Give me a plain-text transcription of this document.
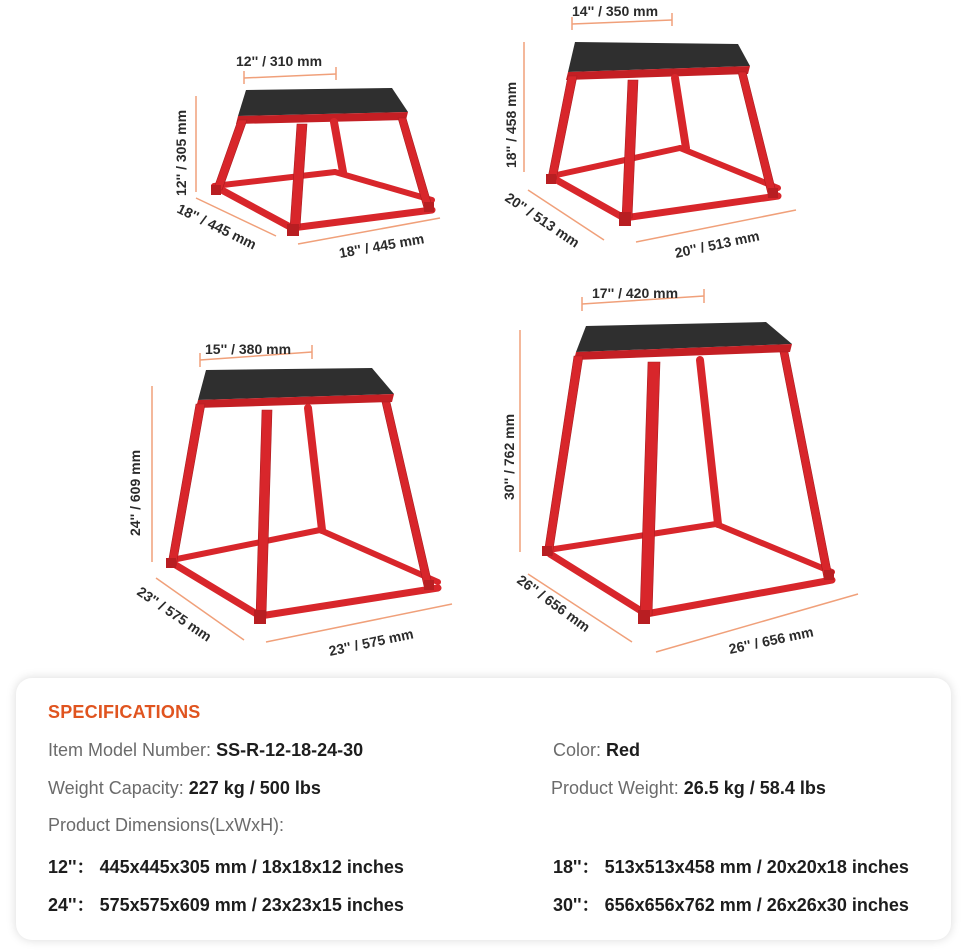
12'' / 310 mm
12'' / 305 mm
18'' / 445 mm	18'' / 445 mm
14'' / 350 mm
18'' / 458 mm
20'' / 513 mm	20'' / 513 mm
15'' / 380 mm
24'' / 609 mm
23'' / 575 mm	23'' / 575 mm
17'' / 420 mm
30'' / 762 mm
26'' / 656 mm
26'' / 656 mm
SPECIFICATIONS
Item Model Number: SS-R-12-18-24-30	Color: Red
Weight Capacity: 227 kg / 500 lbs	Product Weight: 26.5 kg / 58.4 lbs
Product Dimensions(LxWxH):
12''： 445x445x305 mm / 18x18x12 inches	18''： 513x513x458 mm / 20x20x18 inches
24''： 575x575x609 mm / 23x23x15 inches	30''： 656x656x762 mm / 26x26x30 inches
